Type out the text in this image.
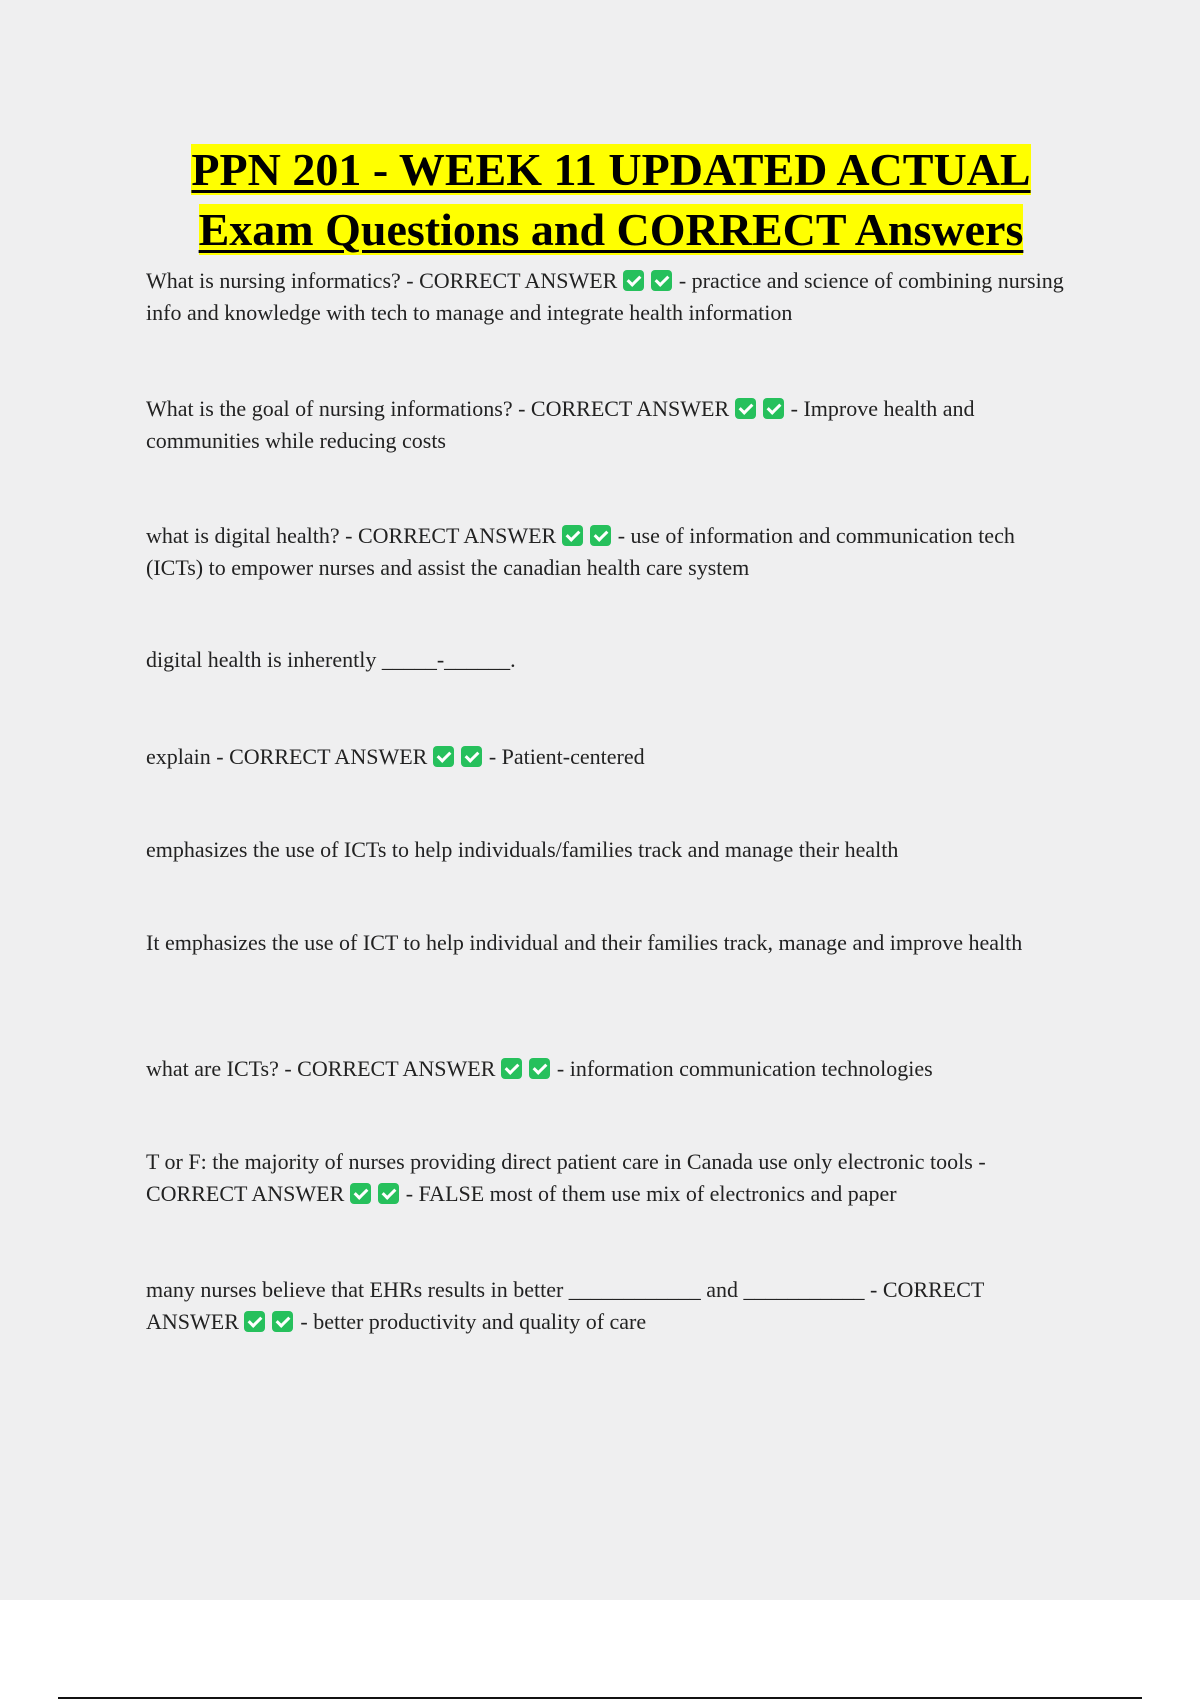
PPN 201 - WEEK 11 UPDATED ACTUAL Exam Questions and CORRECT Answers

What is nursing informatics? - CORRECT ANSWER	- practice and science of combining nursing info and knowledge with tech to manage and integrate health information

What is the goal of nursing informations? - CORRECT ANSWER	- Improve health and communities while reducing costs

what is digital health? - CORRECT ANSWER	- use of information and communication tech (ICTs) to empower nurses and assist the canadian health care system

digital health is inherently _____-______.

explain - CORRECT ANSWER	- Patient-centered

emphasizes the use of ICTs to help individuals/families track and manage their health

It emphasizes the use of ICT to help individual and their families track, manage and improve health

what are ICTs? - CORRECT ANSWER	- information communication technologies

T or F: the majority of nurses providing direct patient care in Canada use only electronic tools - CORRECT ANSWER	- FALSE most of them use mix of electronics and paper

many nurses believe that EHRs results in better ____________ and ___________ - CORRECT ANSWER	- better productivity and quality of care
